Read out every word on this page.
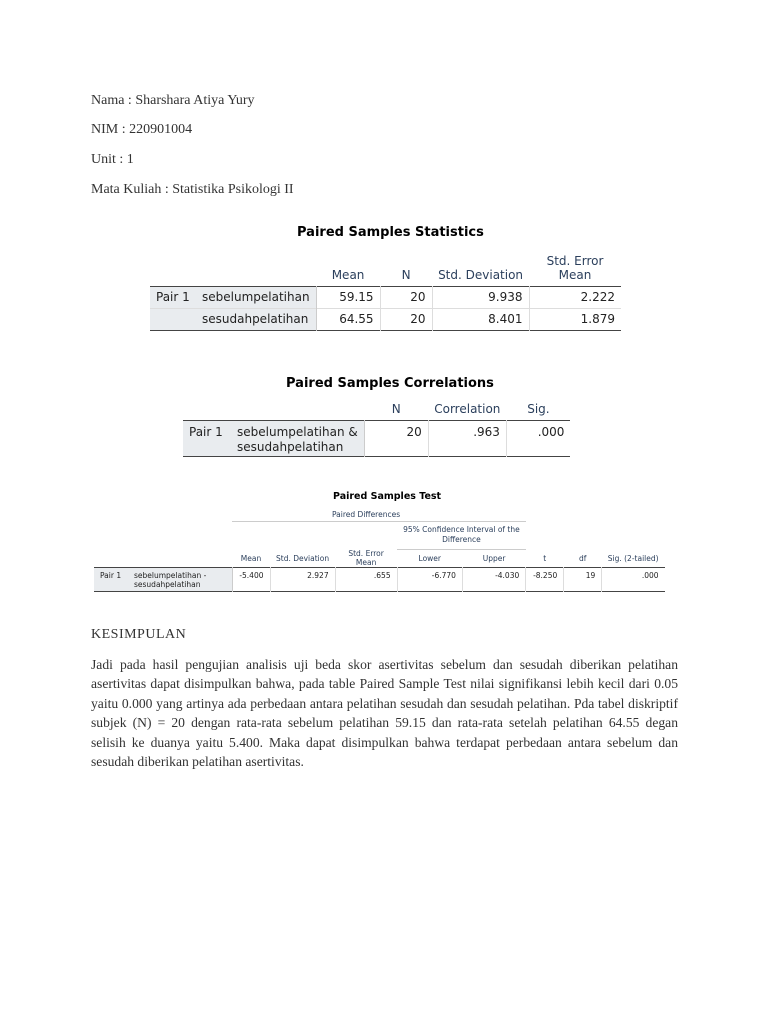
Nama : Sharshara Atiya Yury
NIM : 220901004
Unit : 1
Mata Kuliah : Statistika Psikologi II
Paired Samples Statistics
		Mean	N	Std. Deviation	Std. Error
Mean
Pair 1	sebelumpelatihan	59.15	20	9.938	2.222
	sesudahpelatihan	64.55	20	8.401	1.879
Paired Samples Correlations
		N	Correlation	Sig.
Pair 1	sebelumpelatihan &
sesudahpelatihan	20	.963	.000
Paired Samples Test
		Paired Differences							
					95% Confidence Interval of the
Difference				
		Mean	Std. Deviation	Std. Error
Mean	Lower	Upper	t	df	Sig. (2-tailed)
Pair 1	sebelumpelatihan -
sesudahpelatihan	-5.400	2.927	.655	-6.770	-4.030	-8.250	19	.000
KESIMPULAN
Jadi pada hasil pengujian analisis uji beda skor asertivitas sebelum dan sesudah diberikan pelatihan asertivitas dapat disimpulkan bahwa, pada table Paired Sample Test nilai signifikansi lebih kecil dari 0.05 yaitu 0.000 yang artinya ada perbedaan antara pelatihan sesudah dan sesudah pelatihan. Pda tabel diskriptif subjek (N) = 20 dengan rata-rata sebelum pelatihan 59.15 dan rata-rata setelah pelatihan 64.55 degan selisih ke duanya yaitu 5.400. Maka dapat disimpulkan bahwa terdapat perbedaan antara sebelum dan sesudah diberikan pelatihan asertivitas.
